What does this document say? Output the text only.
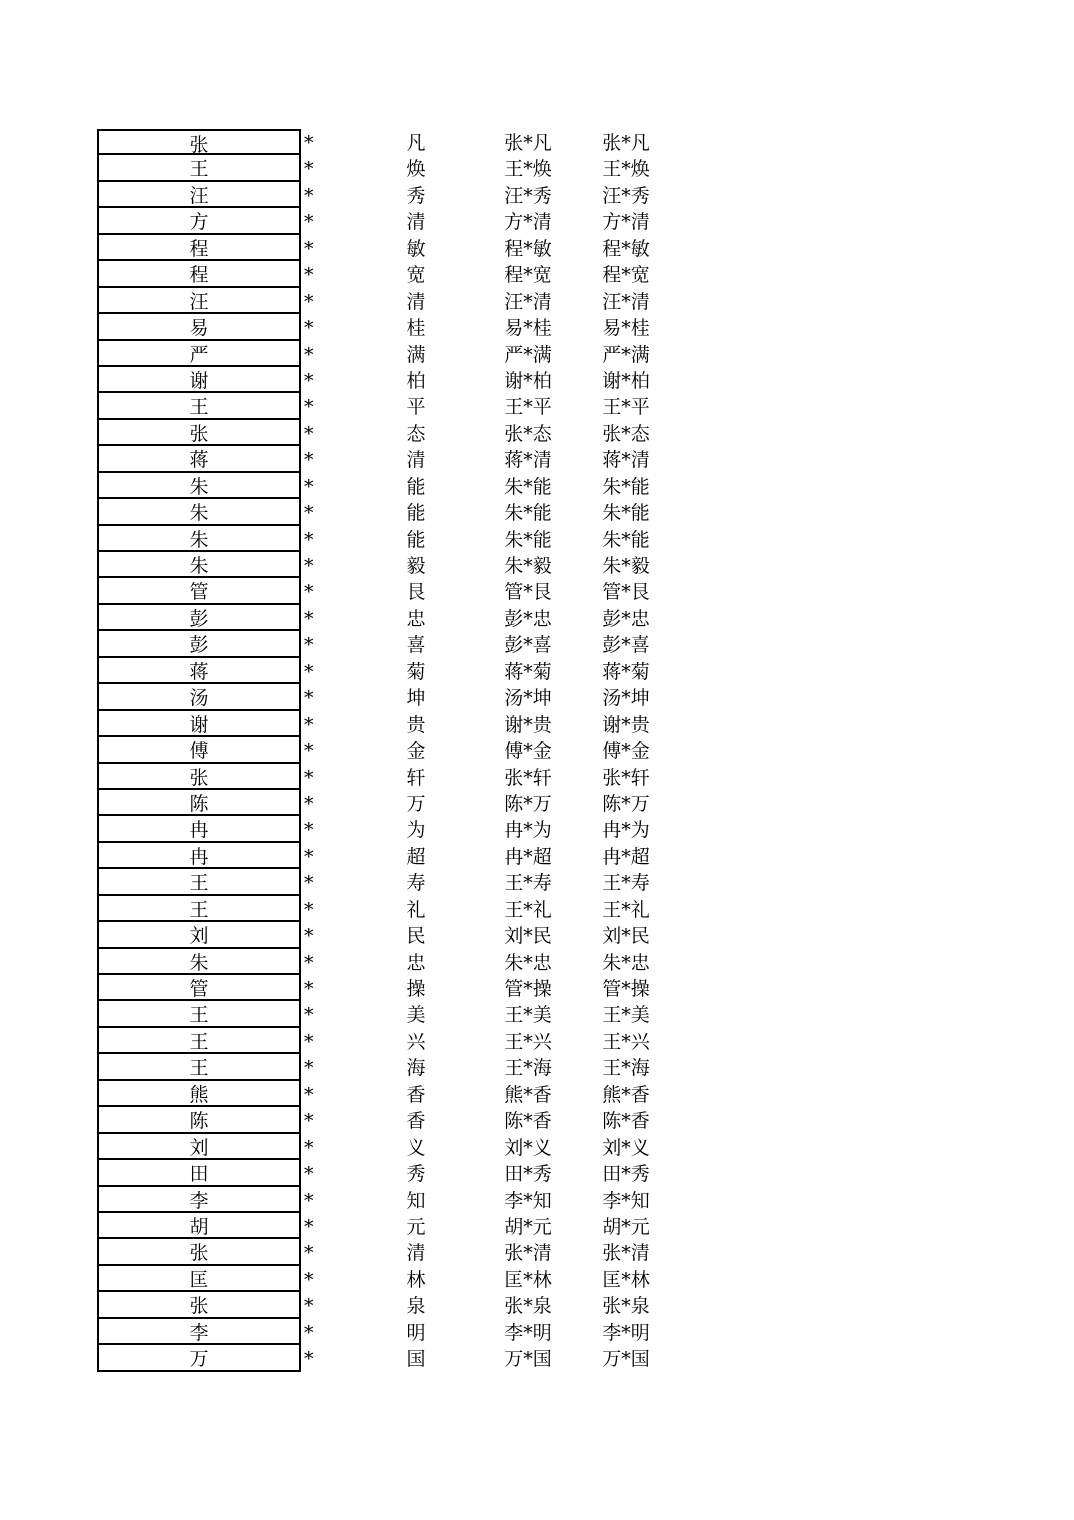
张	*	凡	张*凡	张*凡
王	*	焕	王*焕	王*焕
汪	*	秀	汪*秀	汪*秀
方	*	清	方*清	方*清
程	*	敏	程*敏	程*敏
程	*	宽	程*宽	程*宽
汪	*	清	汪*清	汪*清
易	*	桂	易*桂	易*桂
严	*	满	严*满	严*满
谢	*	柏	谢*柏	谢*柏
王	*	平	王*平	王*平
张	*	态	张*态	张*态
蒋	*	清	蒋*清	蒋*清
朱	*	能	朱*能	朱*能
朱	*	能	朱*能	朱*能
朱	*	能	朱*能	朱*能
朱	*	毅	朱*毅	朱*毅
管	*	艮	管*艮	管*艮
彭	*	忠	彭*忠	彭*忠
彭	*	喜	彭*喜	彭*喜
蒋	*	菊	蒋*菊	蒋*菊
汤	*	坤	汤*坤	汤*坤
谢	*	贵	谢*贵	谢*贵
傅	*	金	傅*金	傅*金
张	*	轩	张*轩	张*轩
陈	*	万	陈*万	陈*万
冉	*	为	冉*为	冉*为
冉	*	超	冉*超	冉*超
王	*	寿	王*寿	王*寿
王	*	礼	王*礼	王*礼
刘	*	民	刘*民	刘*民
朱	*	忠	朱*忠	朱*忠
管	*	操	管*操	管*操
王	*	美	王*美	王*美
王	*	兴	王*兴	王*兴
王	*	海	王*海	王*海
熊	*	香	熊*香	熊*香
陈	*	香	陈*香	陈*香
刘	*	义	刘*义	刘*义
田	*	秀	田*秀	田*秀
李	*	知	李*知	李*知
胡	*	元	胡*元	胡*元
张	*	清	张*清	张*清
匡	*	林	匡*林	匡*林
张	*	泉	张*泉	张*泉
李	*	明	李*明	李*明
万	*	国	万*国	万*国
